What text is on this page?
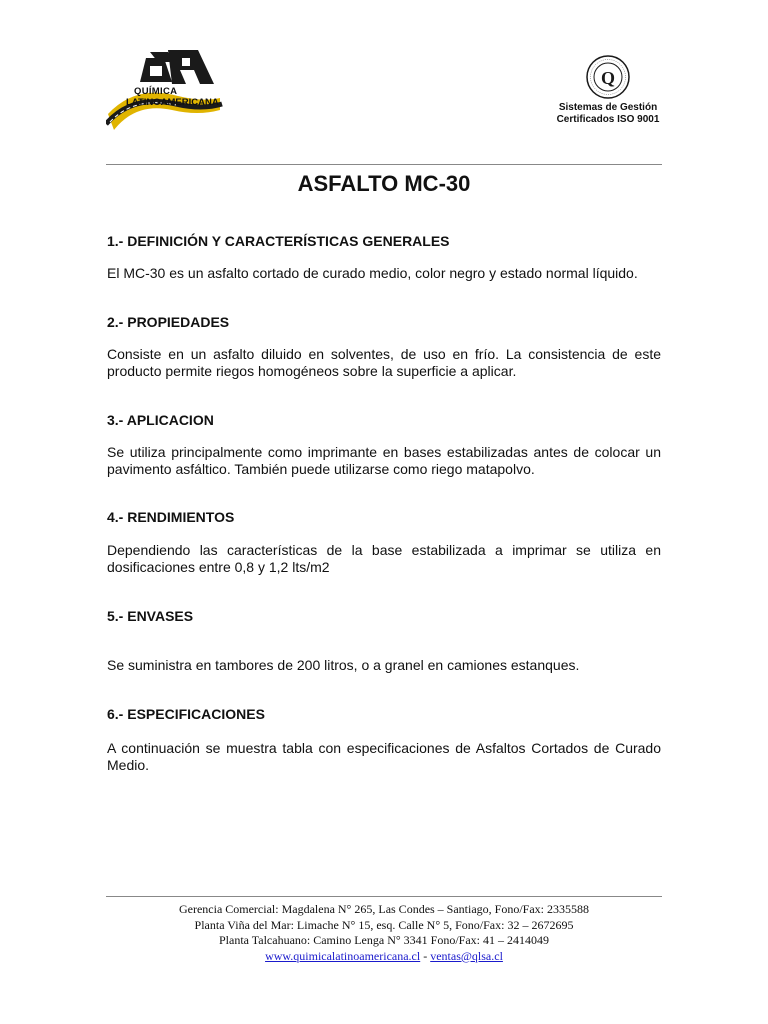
QUÍMICA
LATINOAMERICANA
Q
Sistemas de Gestión
Certificados ISO 9001
ASFALTO MC-30
1.- DEFINICIÓN Y CARACTERÍSTICAS GENERALES
El MC-30 es un asfalto cortado de curado medio, color negro y estado normal líquido.
2.- PROPIEDADES
Consiste en un asfalto diluido en solventes, de uso en frío. La consistencia de este producto permite riegos homogéneos sobre la superficie a aplicar.
3.- APLICACION
Se utiliza principalmente como imprimante en bases estabilizadas antes de colocar un pavimento asfáltico. También puede utilizarse como riego matapolvo.
4.- RENDIMIENTOS
Dependiendo las características de la base estabilizada a imprimar se utiliza en dosificaciones entre 0,8 y 1,2 lts/m2
5.- ENVASES
Se suministra en tambores de 200 litros, o a granel en camiones estanques.
6.- ESPECIFICACIONES
A continuación se muestra tabla con especificaciones de Asfaltos Cortados de Curado Medio.
Gerencia Comercial: Magdalena N° 265, Las Condes – Santiago, Fono/Fax: 2335588
Planta Viña del Mar: Limache N° 15, esq. Calle N° 5, Fono/Fax: 32 – 2672695
Planta Talcahuano: Camino Lenga N° 3341 Fono/Fax: 41 – 2414049
www.quimicalatinoamericana.cl - ventas@qlsa.cl
